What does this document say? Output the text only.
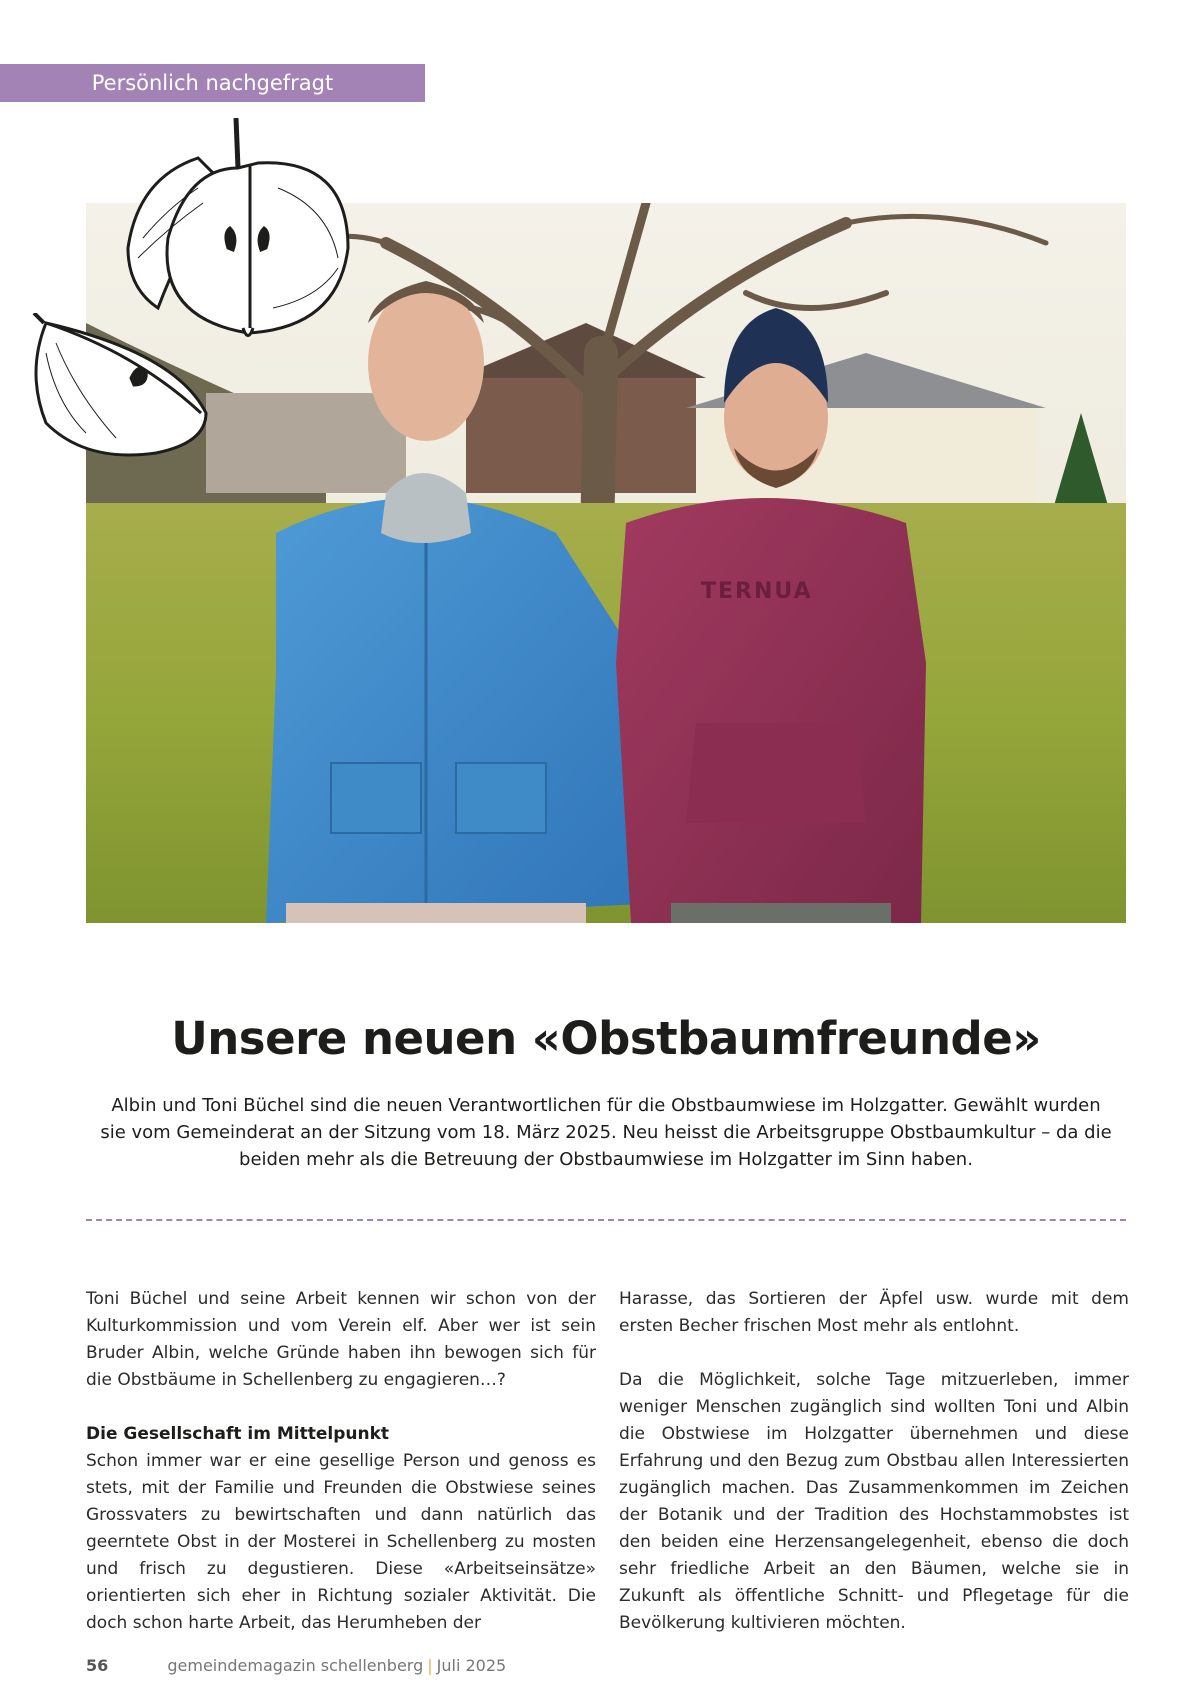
Persönlich nachgefragt
TERNUA
Unsere neuen «Obstbaumfreunde»

Albin und Toni Büchel sind die neuen Verantwortlichen für die Obstbaumwiese im Holzgatter. Gewählt wurden sie vom Gemeinderat an der Sitzung vom 18. März 2025. Neu heisst die Arbeitsgruppe Obstbaumkultur – da die beiden mehr als die Betreuung der Obstbaumwiese im Holzgatter im Sinn haben.

Toni Büchel und seine Arbeit kennen wir schon von der Kulturkommission und vom Verein elf. Aber wer ist sein Bruder Albin, welche Gründe haben ihn bewogen sich für die Obstbäume in Schellenberg zu engagieren…?

Die Gesellschaft im Mittelpunkt

Schon immer war er eine gesellige Person und genoss es stets, mit der Familie und Freunden die Obstwiese seines Grossvaters zu bewirtschaften und dann natürlich das geerntete Obst in der Mosterei in Schellenberg zu mosten und frisch zu degustieren. Diese «Arbeitseinsätze» orientierten sich eher in Richtung sozialer Aktivität. Die doch schon harte Arbeit, das Herumheben der

Harasse, das Sortieren der Äpfel usw. wurde mit dem ersten Becher frischen Most mehr als entlohnt.

Da die Möglichkeit, solche Tage mitzuerleben, immer weniger Menschen zugänglich sind wollten Toni und Albin die Obstwiese im Holzgatter übernehmen und diese Erfahrung und den Bezug zum Obstbau allen Interessierten zugänglich machen. Das Zusammenkommen im Zeichen der Botanik und der Tradition des Hochstammobstes ist den beiden eine Herzensangelegenheit, ebenso die doch sehr friedliche Arbeit an den Bäumen, welche sie in Zukunft als öffentliche Schnitt- und Pflegetage für die Bevölkerung kultivieren möchten.

56	gemeindemagazin schellenberg | Juli 2025
